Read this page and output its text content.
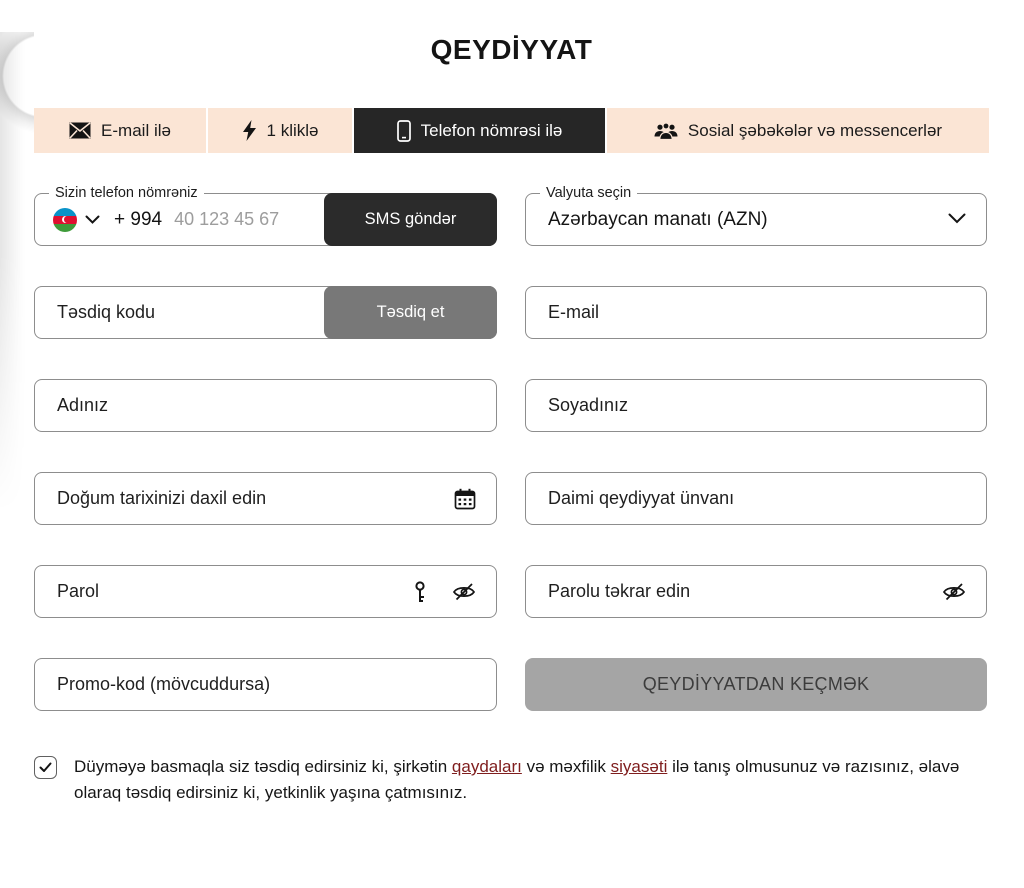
QEYDİYYAT
E-mail ilə	1 kliklə	Telefon nömrəsi ilə	Sosial şəbəkələr və messencerlər
Sizin telefon nömrəniz
+ 994
40 123 45 67	SMS göndər
Valyuta seçin
Azərbaycan manatı (AZN)
Təsdiq kodu
Təsdiq et
E-mail
Adınız
Soyadınız
Doğum tarixinizi daxil edin
Daimi qeydiyyat ünvanı
Promo-kod (mövcuddursa)
QEYDİYYATDAN KEÇMƏK

Düyməyə basmaqla siz təsdiq edirsiniz ki, şirkətin qaydaları və məxfilik siyasəti ilə tanış olmusunuz və razısınız, əlavə olaraq təsdiq edirsiniz ki, yetkinlik yaşına çatmısınız.
